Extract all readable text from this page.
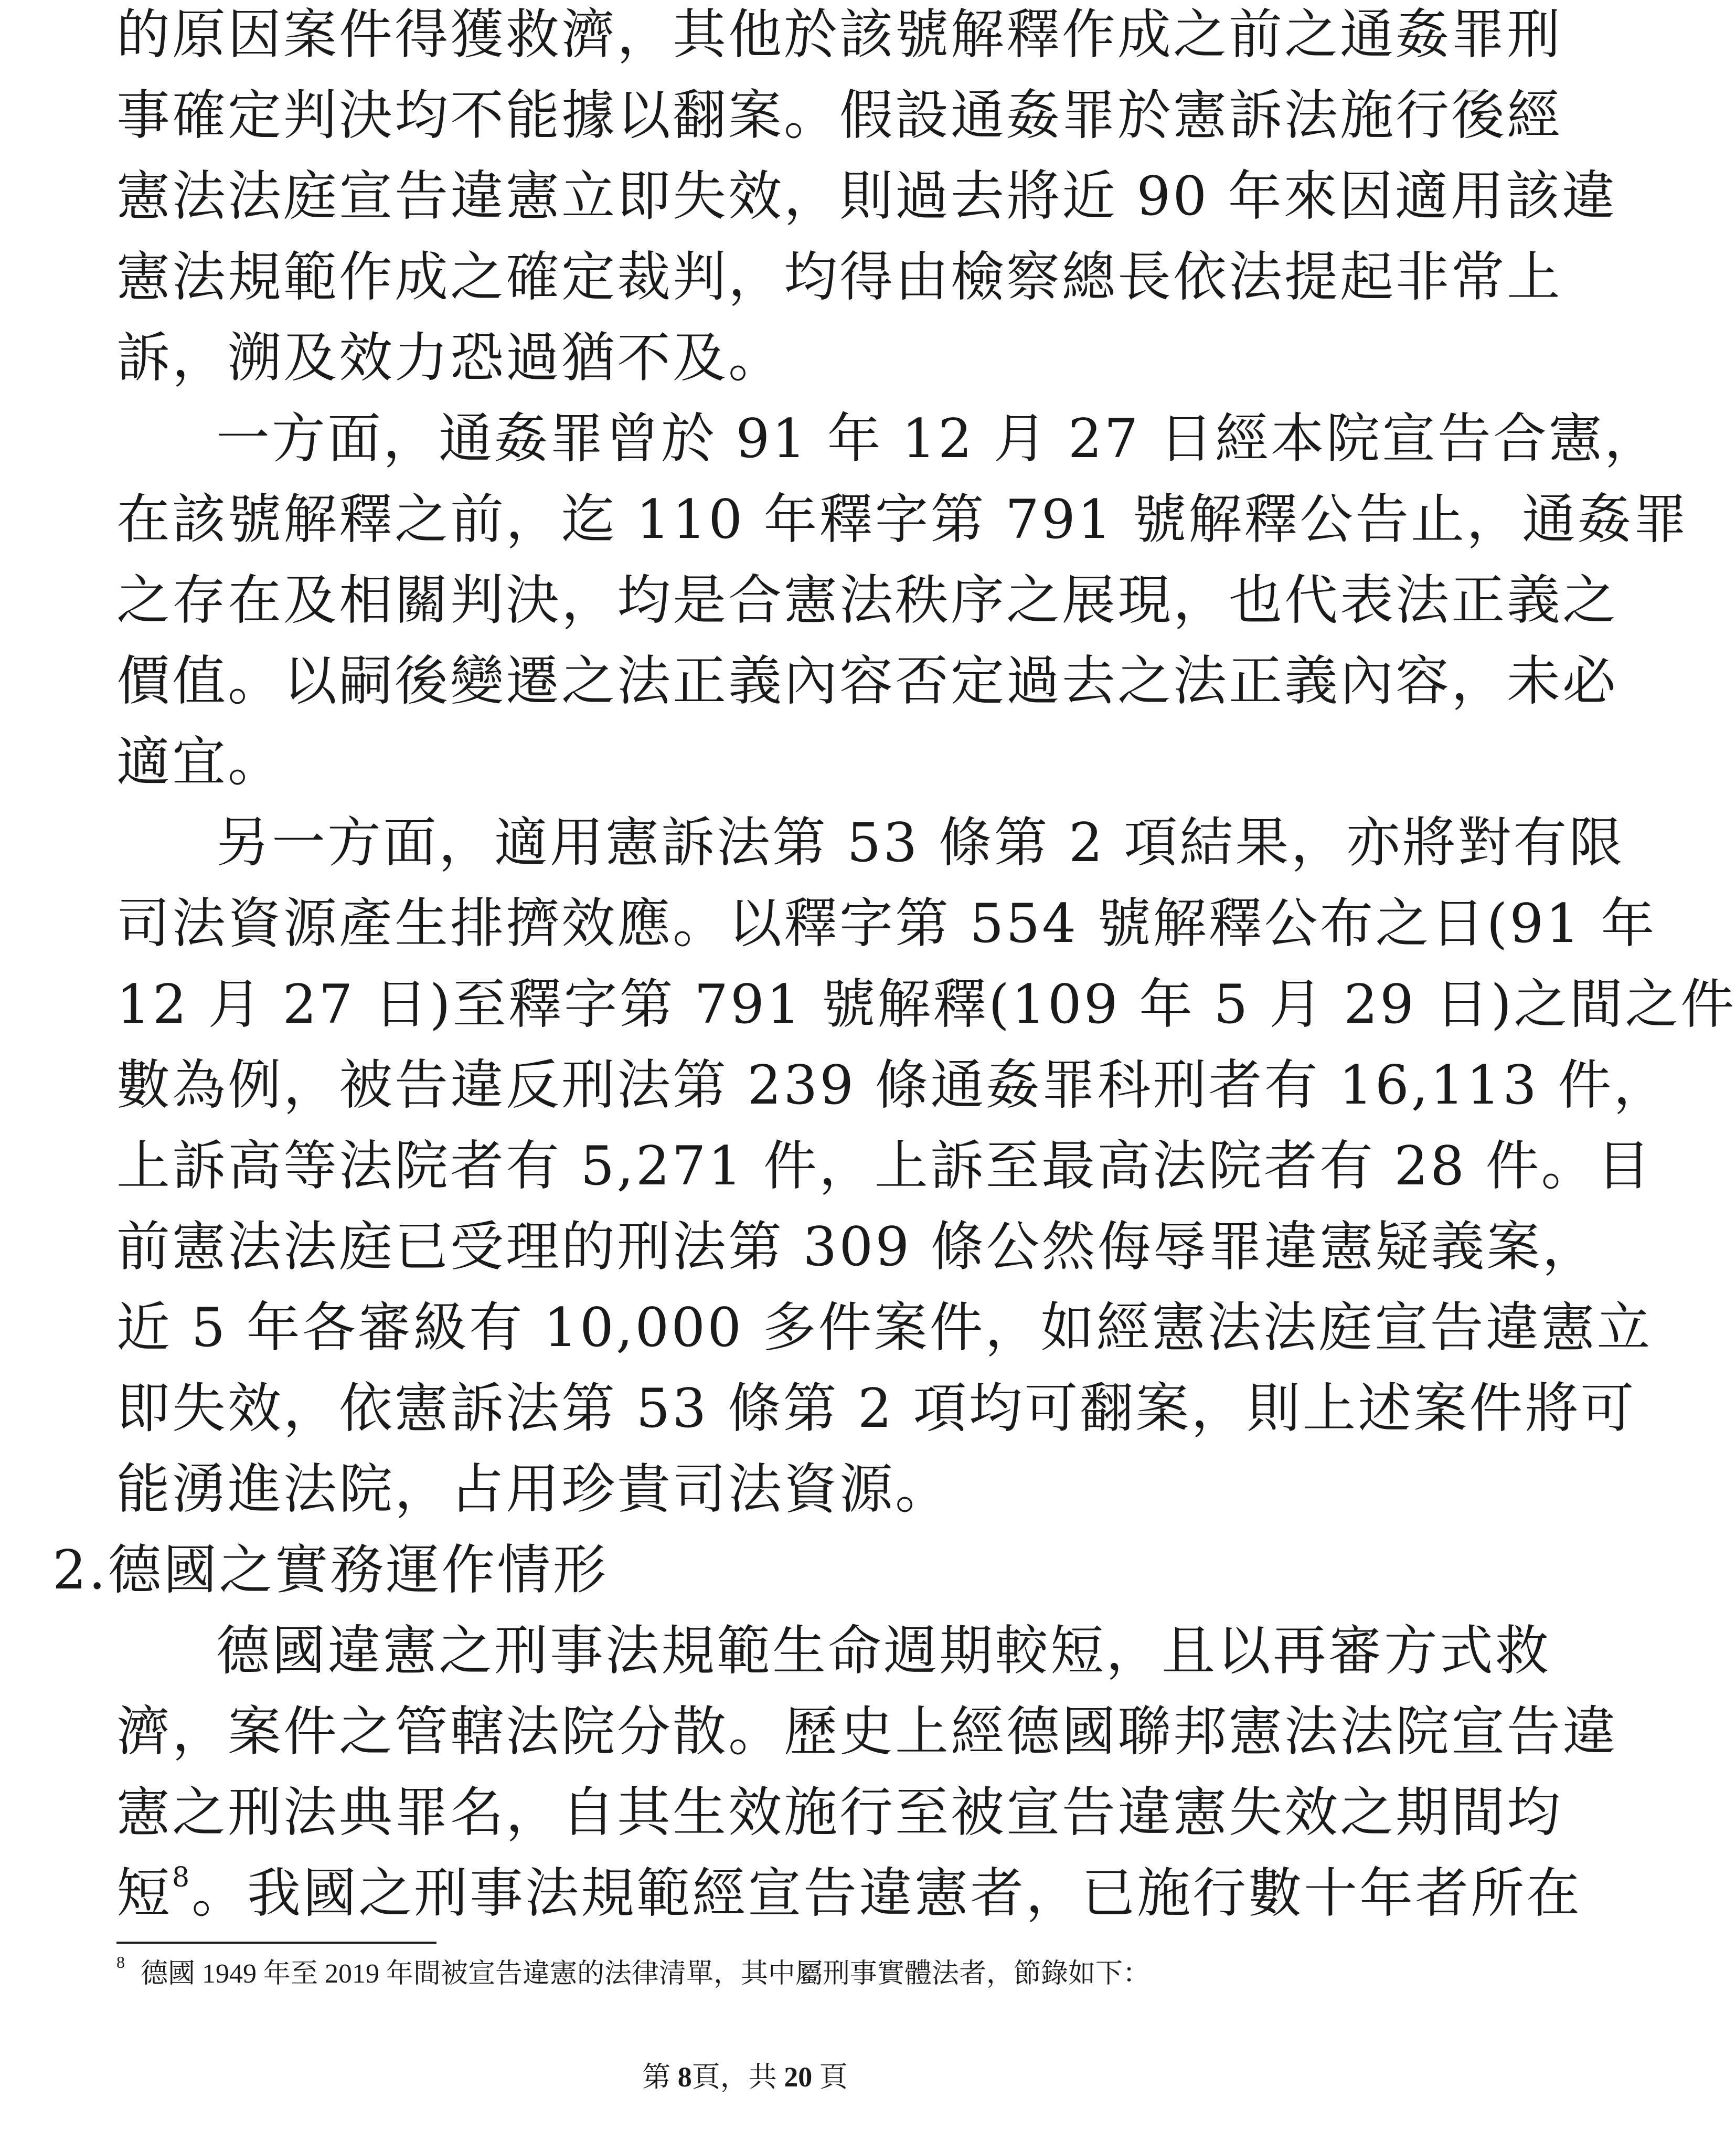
的原因案件得獲救濟，其他於該號解釋作成之前之通姦罪刑
事確定判決均不能據以翻案。假設通姦罪於憲訴法施行後經
憲法法庭宣告違憲立即失效，則過去將近 90 年來因適用該違
憲法規範作成之確定裁判，均得由檢察總長依法提起非常上
訴，溯及效力恐過猶不及。
一方面，通姦罪曾於 91 年 12 月 27 日經本院宣告合憲，
在該號解釋之前，迄 110 年釋字第 791 號解釋公告止，通姦罪
之存在及相關判決，均是合憲法秩序之展現，也代表法正義之
價值。以嗣後變遷之法正義內容否定過去之法正義內容，未必
適宜。
另一方面，適用憲訴法第 53 條第 2 項結果，亦將對有限
司法資源產生排擠效應。以釋字第 554 號解釋公布之日(91 年
12 月 27 日)至釋字第 791 號解釋(109 年 5 月 29 日)之間之件
數為例，被告違反刑法第 239 條通姦罪科刑者有 16,113 件，
上訴高等法院者有 5,271 件，上訴至最高法院者有 28 件。目
前憲法法庭已受理的刑法第 309 條公然侮辱罪違憲疑義案，
近 5 年各審級有 10,000 多件案件，如經憲法法庭宣告違憲立
即失效，依憲訴法第 53 條第 2 項均可翻案，則上述案件將可
能湧進法院，占用珍貴司法資源。
2.德國之實務運作情形
德國違憲之刑事法規範生命週期較短，且以再審方式救
濟，案件之管轄法院分散。歷史上經德國聯邦憲法法院宣告違
憲之刑法典罪名，自其生效施行至被宣告違憲失效之期間均
短$^8$。我國之刑事法規範經宣告違憲者，已施行數十年者所在
$^8$ 德國 1949 年至 2019 年間被宣告違憲的法律清單，其中屬刑事實體法者，節錄如下：
第 8頁，共 20 頁
